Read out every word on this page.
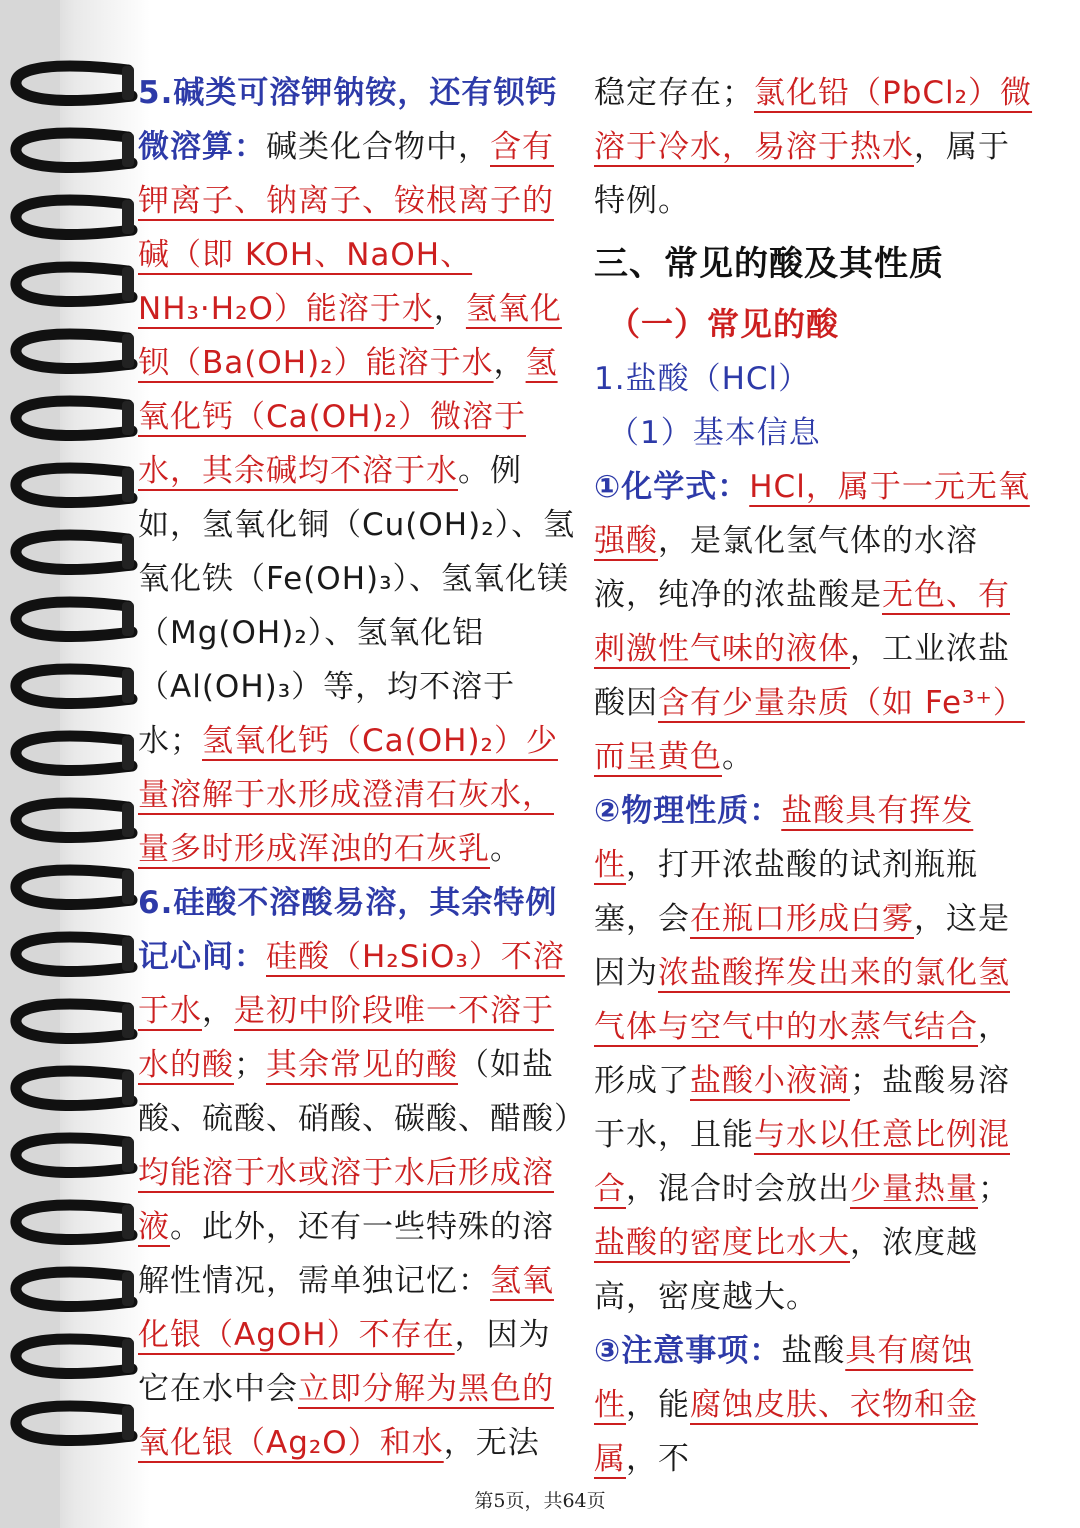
5.碱类可溶钾钠铵，还有钡钙微溶算：碱类化合物中，含有钾离子、钠离子、铵根离子的碱（即 KOH、NaOH、NH₃·H₂O）能溶于水，氢氧化钡（Ba(OH)₂）能溶于水，氢氧化钙（Ca(OH)₂）微溶于水，其余碱均不溶于水。例如，氢氧化铜（Cu(OH)₂）、氢氧化铁（Fe(OH)₃）、氢氧化镁（Mg(OH)₂）、氢氧化铝（Al(OH)₃）等，均不溶于水；氢氧化钙（Ca(OH)₂）少量溶解于水形成澄清石灰水，量多时形成浑浊的石灰乳。

6.硅酸不溶酸易溶，其余特例记心间：硅酸（H₂SiO₃）不溶于水，是初中阶段唯一不溶于水的酸；其余常见的酸（如盐酸、硫酸、硝酸、碳酸、醋酸）均能溶于水或溶于水后形成溶液。此外，还有一些特殊的溶解性情况，需单独记忆：氢氧化银（AgOH）不存在，因为它在水中会立即分解为黑色的氧化银（Ag₂O）和水，无法

稳定存在；氯化铅（PbCl₂）微溶于冷水，易溶于热水，属于特例。

三、常见的酸及其性质
（一）常见的酸
1.盐酸（HCl）
（1）基本信息

①化学式：HCl，属于一元无氧强酸，是氯化氢气体的水溶液，纯净的浓盐酸是无色、有刺激性气味的液体，工业浓盐酸因含有少量杂质（如 Fe³⁺）而呈黄色。

②物理性质：盐酸具有挥发性，打开浓盐酸的试剂瓶瓶塞，会在瓶口形成白雾，这是因为浓盐酸挥发出来的氯化氢气体与空气中的水蒸气结合，形成了盐酸小液滴；盐酸易溶于水，且能与水以任意比例混合，混合时会放出少量热量；盐酸的密度比水大，浓度越高，密度越大。

③注意事项：盐酸具有腐蚀性，能腐蚀皮肤、衣物和金属，不

第5页，共64页
